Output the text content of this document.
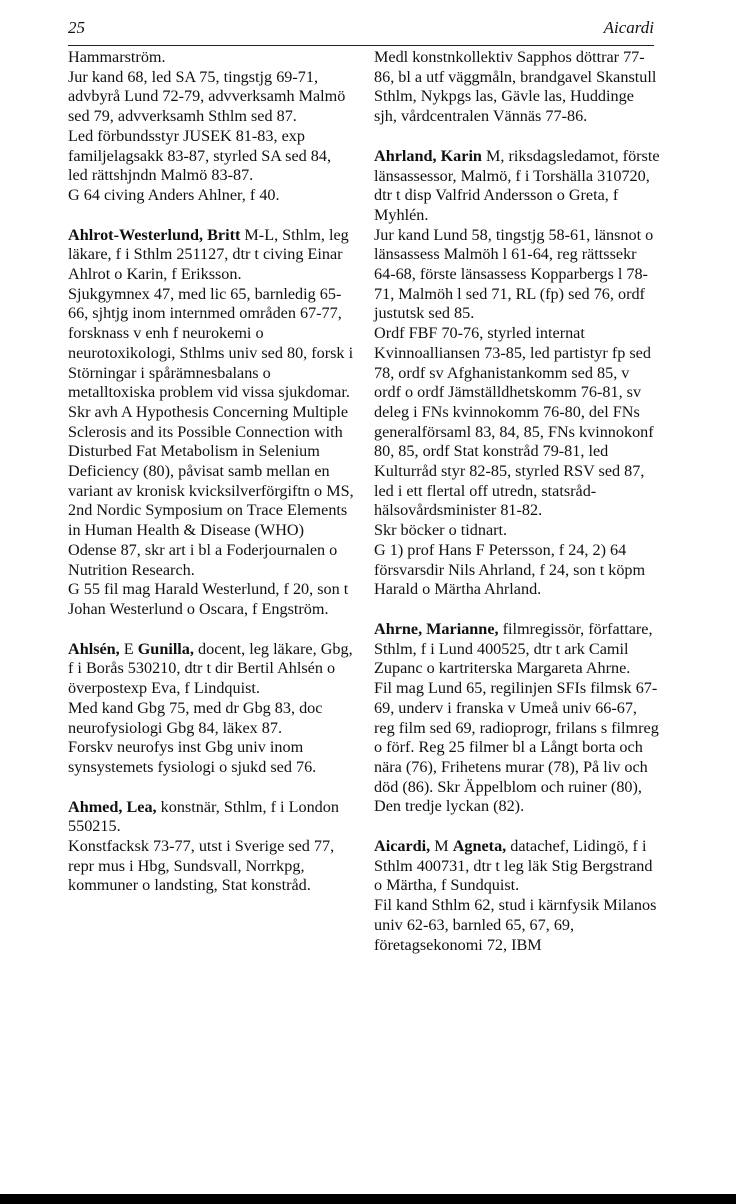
25	Aicardi

Hammarström.

Jur kand 68, led SA 75, tingstjg 69-71, advbyrå Lund 72-79, advverksamh Malmö sed 79, advverksamh Sthlm sed 87.

Led förbundsstyr JUSEK 81-83, exp familjelagsakk 83-87, styrled SA sed 84, led rättshjndn Malmö 83-87.

G 64 civing Anders Ahlner, f 40.

Ahlrot-Westerlund, Britt M-L, Sthlm, leg läkare, f i Sthlm 251127, dtr t civing Einar Ahlrot o Karin, f Eriksson.

Sjukgymnex 47, med lic 65, barnledig 65-66, sjhtjg inom internmed områden 67-77, forsknass v enh f neurokemi o neurotoxikologi, Sthlms univ sed 80, forsk i Störningar i spårämnesbalans o metalltoxiska problem vid vissa sjukdomar.

Skr avh A Hypothesis Concerning Multiple Sclerosis and its Possible Connection with Disturbed Fat Metabolism in Selenium Deficiency (80), påvisat samb mellan en variant av kronisk kvicksilverförgiftn o MS, 2nd Nordic Symposium on Trace Elements in Human Health & Disease (WHO) Odense 87, skr art i bl a Foderjournalen o Nutrition Research.

G 55 fil mag Harald Westerlund, f 20, son t Johan Westerlund o Oscara, f Engström.

Ahlsén, E Gunilla, docent, leg läkare, Gbg, f i Borås 530210, dtr t dir Bertil Ahlsén o överpostexp Eva, f Lindquist.

Med kand Gbg 75, med dr Gbg 83, doc neurofysiologi Gbg 84, läkex 87.

Forskv neurofys inst Gbg univ inom synsystemets fysiologi o sjukd sed 76.

Ahmed, Lea, konstnär, Sthlm, f i London 550215.

Konstfacksk 73-77, utst i Sverige sed 77, repr mus i Hbg, Sundsvall, Norrkpg, kommuner o landsting, Stat konstråd.

Medl konstnkollektiv Sapphos döttrar 77-86, bl a utf väggmåln, brandgavel Skanstull Sthlm, Nykpgs las, Gävle las, Huddinge sjh, vårdcentralen Vännäs 77-86.

Ahrland, Karin M, riksdagsledamot, förste länsassessor, Malmö, f i Torshälla 310720, dtr t disp Valfrid Andersson o Greta, f Myhlén.

Jur kand Lund 58, tingstjg 58-61, länsnot o länsassess Malmöh l 61-64, reg rättssekr 64-68, förste länsassess Kopparbergs l 78-71, Malmöh l sed 71, RL (fp) sed 76, ordf justutsk sed 85.

Ordf FBF 70-76, styrled internat Kvinnoalliansen 73-85, led partistyr fp sed 78, ordf sv Afghanistankomm sed 85, v ordf o ordf Jämställdhetskomm 76-81, sv deleg i FNs kvinnokomm 76-80, del FNs generalförsaml 83, 84, 85, FNs kvinnokonf 80, 85, ordf Stat konstråd 79-81, led Kulturråd styr 82-85, styrled RSV sed 87, led i ett flertal off utredn, statsråd- hälsovårdsminister 81-82.

Skr böcker o tidnart.

G 1) prof Hans F Petersson, f 24, 2) 64 försvarsdir Nils Ahrland, f 24, son t köpm Harald o Märtha Ahrland.

Ahrne, Marianne, filmregissör, författare, Sthlm, f i Lund 400525, dtr t ark Camil Zupanc o kartriterska Margareta Ahrne.

Fil mag Lund 65, regilinjen SFIs filmsk 67-69, underv i franska v Umeå univ 66-67, reg film sed 69, radioprogr, frilans s filmreg o förf. Reg 25 filmer bl a Långt borta och nära (76), Frihetens murar (78), På liv och död (86). Skr Äppelblom och ruiner (80), Den tredje lyckan (82).

Aicardi, M Agneta, datachef, Lidingö, f i Sthlm 400731, dtr t leg läk Stig Bergstrand o Märtha, f Sundquist.

Fil kand Sthlm 62, stud i kärnfysik Milanos univ 62-63, barnled 65, 67, 69, företagsekonomi 72, IBM
